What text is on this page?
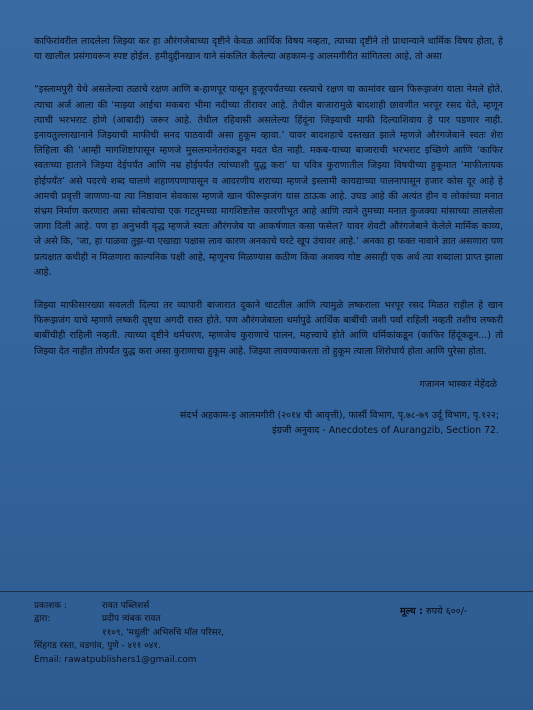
काफिरांवरील लादलेला जिझ्या कर हा औरंगजेबाच्या दृष्टीने केवळ आर्थिक विषय नव्हता, त्याच्या दृष्टीने तो प्राधान्याने धार्मिक विषय होता, हे या खालील प्रसंगावरून स्पष्ट होईल. हमीदुद्दीनखान याने संकलित केलेल्या अहकाम-इ आलमगीरीत सांगितला आहे, तो असा

“इस्लामपुरी येथे असलेल्या तळाचे रक्षण आणि ब-हाणपूर पासून हुजूरपर्यंतच्या रस्त्याचे रक्षण या कामांवर खान फिरूझजंग याला नेमले होते. त्याचा अर्ज आला की ‘माझ्या आईचा मकबरा भीमा नदीच्या तीरावर आहे. तेथील बाजारामुळे बादशाही छावणीत भरपूर रसद येते, म्हणून त्याची भरभराट होणे (आबादी) जरूर आहे. तेथील रहिवासी असलेल्या हिंदूंना जिझ्याची माफी दिल्याशिवाय हे पार पडणार नाही. इनायतुल्लाखानाने जिझ्याची माफीची सनद पाठवावी असा हुकूम व्हावा.’ यावर बादशहाचे दस्तखत झाले म्हणजे औरंगजेबाने स्वतः शेरा लिहिला की ‘आम्ही मागशिष्टांपासून म्हणजे मुसलमानेतरांकडून मदत घेत नाही. मकब-याच्या बाजाराची भरभराट इच्छिणे आणि ‘काफिर स्वतःच्या हाताने जिझ्या देईपर्यंत आणि नम्र होईपर्यंत त्यांच्याशी युद्ध करा’ या पवित्र कुराणातील जिझ्या विषयीच्या हुकूमात ‘माफीलायक होईपर्यंत’ असे पदरचे शब्द घालणे शहाणपणापासून व आदरणीय शराच्या म्हणजे इस्लामी कायद्याच्या पालनापासून हजार कोस दूर आहे हे आमची प्रवृत्ती जाणणा-या त्या निष्ठावान सेवकास म्हणजे खान फीरूझजंग यास ठाऊक आहे. उघड आहे की अत्यंत हीन व लोकांच्या मनात संभ्रम निर्माण करणारा असा सोबत्यांचा एक गटतुमच्या मागशिष्टतेस कारणीभूत आहे आणि त्याने तुमच्या मनात कुजक्या मांसाच्या लालसेला जागा दिली आहे. पण हा अनुभवी वृद्ध म्हणजे स्वतः औरंगजेब या आकर्षणात कसा फसेल? यावर शेवटी औरंगजेबाने केलेले मार्मिक काव्य, जे असे कि, ‘जा, हा पाळवा तुझ-या एखाद्या पक्षास लाव कारण अनकाचे घरटे खूप उंचावर आहे.’ अनका हा फक्त नावाने ज्ञात असणारा पण प्रत्यक्षात कधीही न मिळणारा काल्पनिक पक्षी आहे, म्हणूनच मिळण्यास कठीण किंवा अशक्य गोष्ट असाही एक अर्थ त्या शब्दाला प्राप्त झाला आहे.

जिझ्या माफीसारख्या सवलती दिल्या तर व्यापारी बाजारात दुकाने थाटतील आणि त्यामुळे लष्कराला भरपूर रसद मिळत राहील हे खान फिरूझजंग याचे म्हणणे लष्करी दृष्ट्या अगदी रास्त होते. पण औरंगजेबाला धर्मापुढे आर्थिक बाबींची जशी पर्वा राहिली नव्हती तशीच लष्करी बाबींचीही राहिली नव्हती. त्याच्या दृष्टीने धर्मचरण, म्हणजेच कुराणाचे पालन, महत्त्वाचे होते आणि धर्मिकांकडून (काफिर हिंदूंकडून...) तो जिझ्या देत नाहीत तोपर्यंत युद्ध करा असा कुराणाचा हुकूम आहे. जिझ्या लावण्याकरता तो हुकूम त्याला शिरोधार्य होता आणि पुरेसा होता.

गजानन भास्कर मेहेंदळे
संदर्भ अहकाम-इ आलमगीरी (२०१४ ची आवृत्ती), फार्सी विभाग, पृ.७८-७९ उर्दू विभाग, पृ.१२२;
इंग्रजी अनुवाद - Anecdotes of Aurangzib, Section 72.
प्रकाशक :	रावत पब्लिशर्स
द्वारा:	प्रदीप त्र्यंबक रावत
११०९, 'मधुली' अभिरुचि मॉल परिसर,
सिंहगड रस्ता, वडगांव, पुणे - ४११ ०४१.
Email: rawatpublishers1@gmail.com
मूल्य : रुपये ६००/-
